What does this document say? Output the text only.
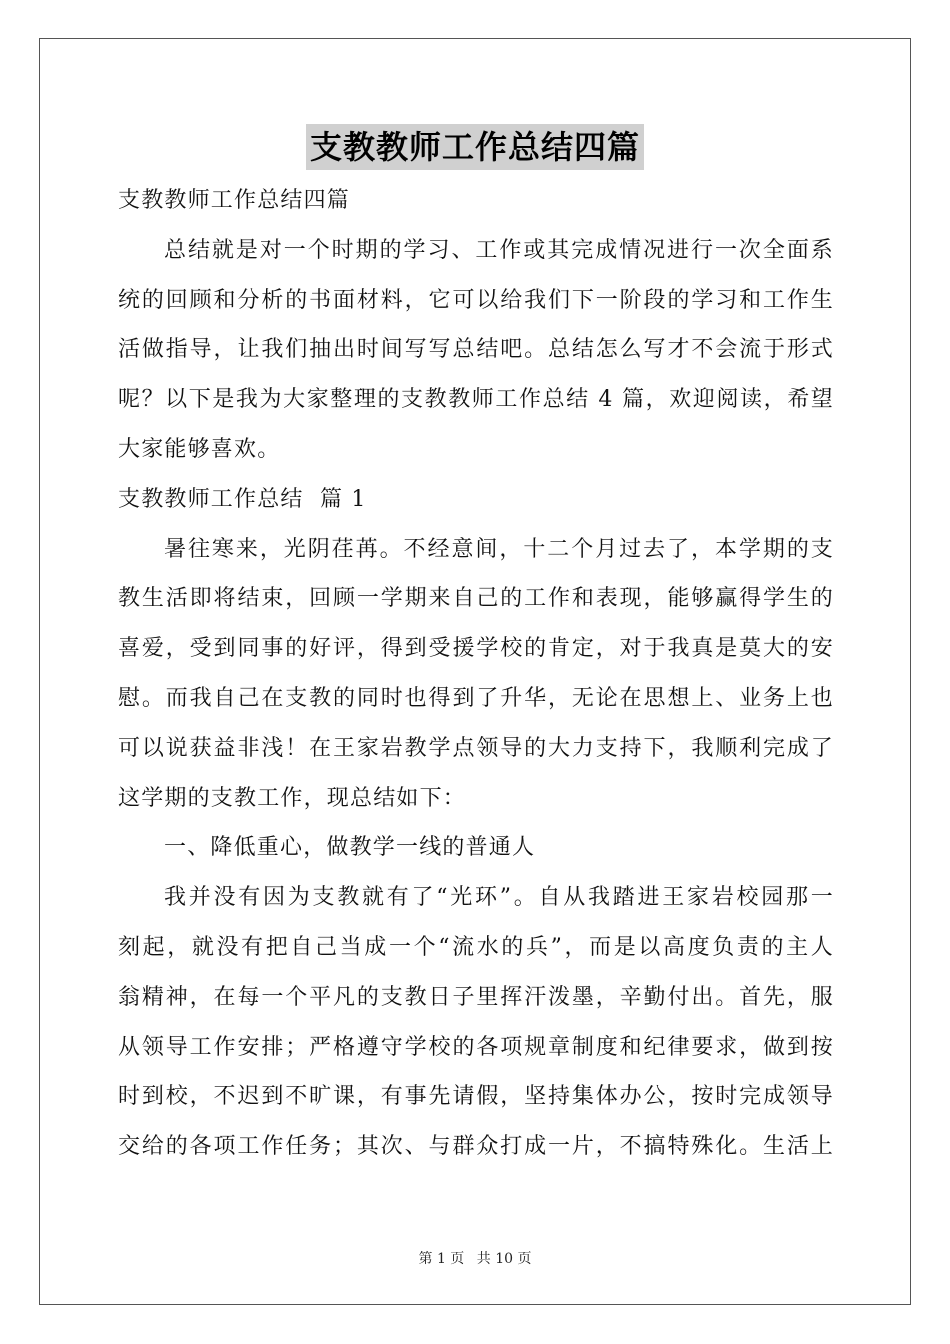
支教教师工作总结四篇
支教教师工作总结四篇
总结就是对一个时期的学习、工作或其完成情况进行一次全面系
统的回顾和分析的书面材料，它可以给我们下一阶段的学习和工作生
活做指导，让我们抽出时间写写总结吧。总结怎么写才不会流于形式
呢？以下是我为大家整理的支教教师工作总结 4 篇，欢迎阅读，希望
大家能够喜欢。
支教教师工作总结  篇 1
暑往寒来，光阴荏苒。不经意间，十二个月过去了，本学期的支
教生活即将结束，回顾一学期来自己的工作和表现，能够赢得学生的
喜爱，受到同事的好评，得到受援学校的肯定，对于我真是莫大的安
慰。而我自己在支教的同时也得到了升华，无论在思想上、业务上也
可以说获益非浅！在王家岩教学点领导的大力支持下，我顺利完成了
这学期的支教工作，现总结如下：
一、降低重心，做教学一线的普通人
我并没有因为支教就有了“光环”。自从我踏进王家岩校园那一
刻起，就没有把自己当成一个“流水的兵”，而是以高度负责的主人
翁精神，在每一个平凡的支教日子里挥汗泼墨，辛勤付出。首先，服
从领导工作安排；严格遵守学校的各项规章制度和纪律要求，做到按
时到校，不迟到不旷课，有事先请假，坚持集体办公，按时完成领导
交给的各项工作任务；其次、与群众打成一片，不搞特殊化。生活上
第 1 页 共 10 页
